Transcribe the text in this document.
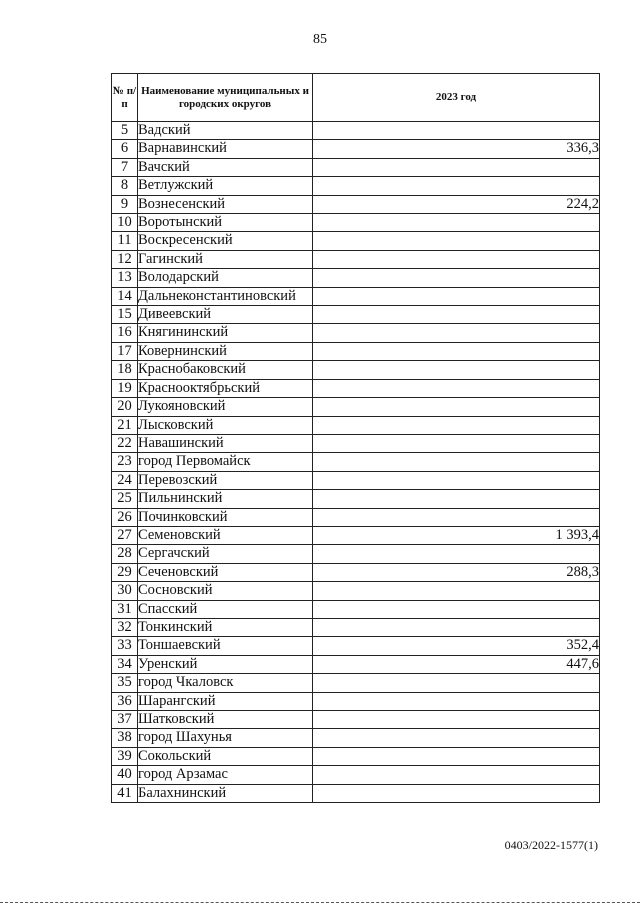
85
№ п/п	Наименование муниципальных и городских округов	2023 год
5	Вадский	
6	Варнавинский	336,3
7	Вачский	
8	Ветлужский	
9	Вознесенский	224,2
10	Воротынский	
11	Воскресенский	
12	Гагинский	
13	Володарский	
14	Дальнеконстантиновский	
15	Дивеевский	
16	Княгининский	
17	Ковернинский	
18	Краснобаковский	
19	Краснооктябрьский	
20	Лукояновский	
21	Лысковский	
22	Навашинский	
23	город Первомайск	
24	Перевозский	
25	Пильнинский	
26	Починковский	
27	Семеновский	1 393,4
28	Сергачский	
29	Сеченовский	288,3
30	Сосновский	
31	Спасский	
32	Тонкинский	
33	Тоншаевский	352,4
34	Уренский	447,6
35	город Чкаловск	
36	Шарангский	
37	Шатковский	
38	город Шахунья	
39	Сокольский	
40	город Арзамас	
41	Балахнинский	
0403/2022-1577(1)
